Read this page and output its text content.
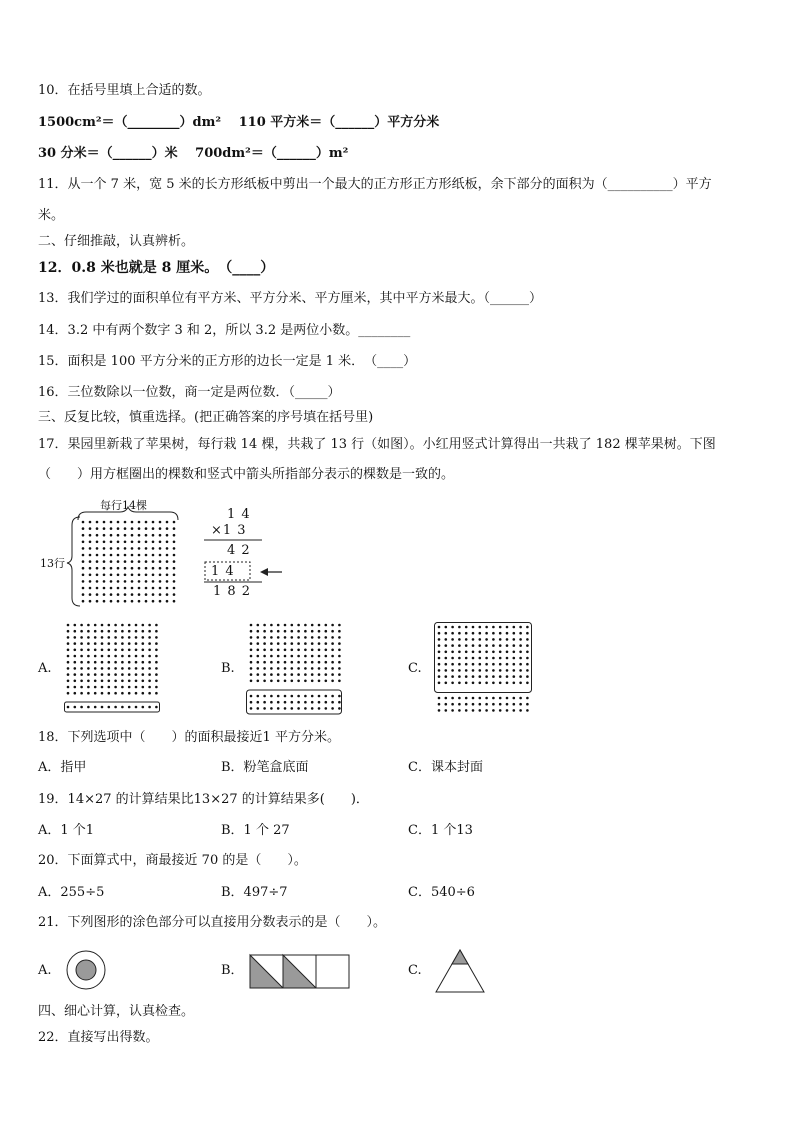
10．在括号里填上合适的数。
1500cm²＝（________）dm²　 110 平方米＝（______）平方分米
30 分米＝（______）米　 700dm²＝（______）m²
11．从一个 7 米，宽 5 米的长方形纸板中剪出一个最大的正方形正方形纸板，余下部分的面积为（__________）平方
米。
二、仔细推敲，认真辨析。
12．0.8 米也就是 8 厘米。　（____）
13．我们学过的面积单位有平方米、平方分米、平方厘米，其中平方米最大。（______）
14．3.2 中有两个数字 3 和 2，所以 3.2 是两位小数。________
15．面积是 100 平方分米的正方形的边长一定是 1 米．　（____）
16．三位数除以一位数，商一定是两位数．（_____）
三、反复比较，慎重选择。(把正确答案的序号填在括号里)
17．果园里新栽了苹果树，每行栽 14 棵，共栽了 13 行（如图）。小红用竖式计算得出一共栽了 182 棵苹果树。下图
（　　）用方框圈出的棵数和竖式中箭头所指部分表示的棵数是一致的。
每行14棵
13行
1 4
×1 3
4 2
1 4
1 8 2
A.	B.	C.
18．下列选项中（　　）的面积最接近1 平方分米。
A．指甲	B．粉笔盒底面	C．课本封面
19．14×27 的计算结果比13×27 的计算结果多(　　)．
A．1 个1	B．1 个 27	C．1 个13
20．下面算式中，商最接近 70 的是（　　）。
A．255÷5	B．497÷7	C．540÷6
21．下列图形的涂色部分可以直接用分数表示的是（　　）。
A.	B．	C.
四、细心计算，认真检查。
22．直接写出得数。
